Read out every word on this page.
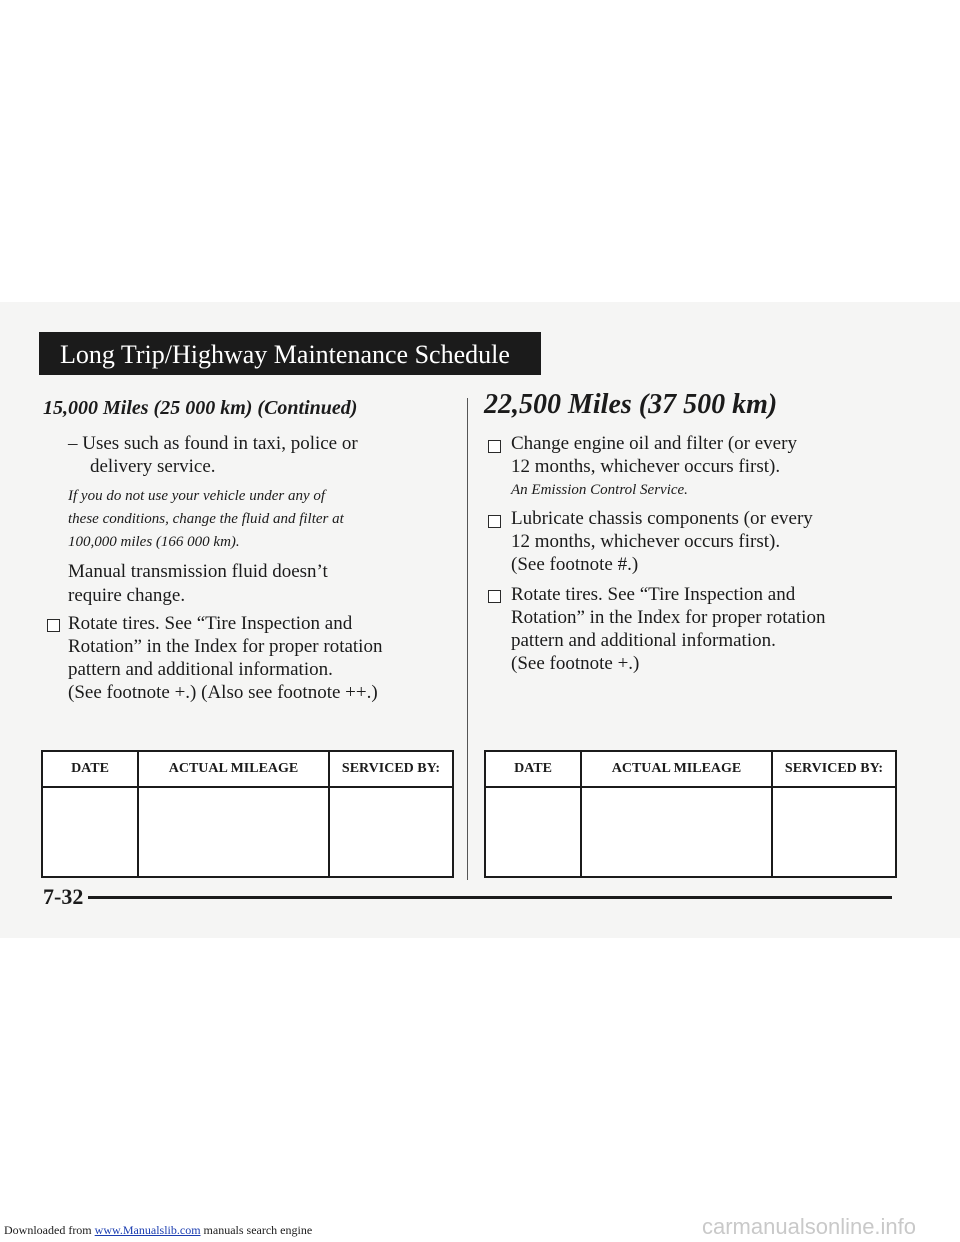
Long Trip/Highway Maintenance Schedule
15,000 Miles (25 000 km) (Continued)
– Uses such as found in taxi, police or
delivery service.
If you do not use your vehicle under any of
these conditions, change the fluid and filter at
100,000 miles (166 000 km).
Manual transmission fluid doesn’t
require change.
Rotate tires. See “Tire Inspection and
Rotation” in the Index for proper rotation
pattern and additional information.
(See footnote +.) (Also see footnote ++.)
DATE	ACTUAL MILEAGE	SERVICED BY:

22,500 Miles (37 500 km)
Change engine oil and filter (or every
12 months, whichever occurs first).
An Emission Control Service.
Lubricate chassis components (or every
12 months, whichever occurs first).
(See footnote #.)
Rotate tires. See “Tire Inspection and
Rotation” in the Index for proper rotation
pattern and additional information.
(See footnote +.)
DATE	ACTUAL MILEAGE	SERVICED BY:

7-32
Downloaded from www.Manualslib.com manuals search engine	carmanualsonline.info
